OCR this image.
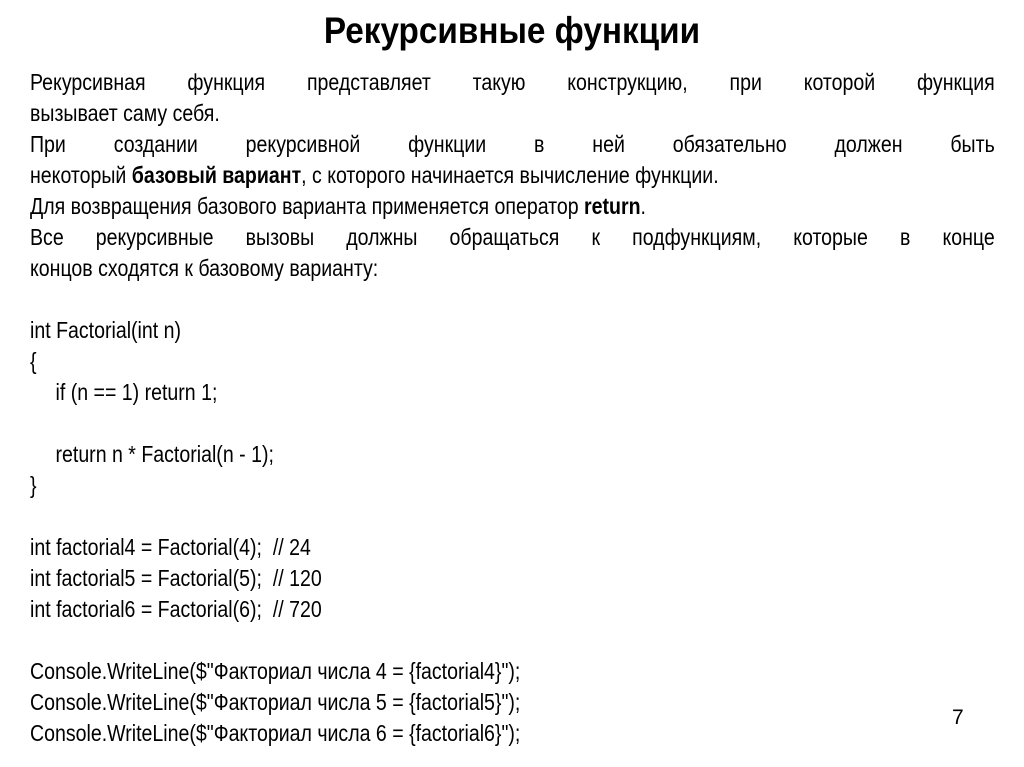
Рекурсивные функции
Рекурсивная функция представляет такую конструкцию, при которой функция
вызывает саму себя.
При создании рекурсивной функции в ней обязательно должен быть
некоторый базовый вариант, с которого начинается вычисление функции.
Для возвращения базового варианта применяется оператор return.
Все рекурсивные вызовы должны обращаться к подфункциям, которые в конце
концов сходятся к базовому варианту:
int Factorial(int n)
{
if (n == 1) return 1;
return n * Factorial(n - 1);
}
int factorial4 = Factorial(4);  // 24
int factorial5 = Factorial(5);  // 120
int factorial6 = Factorial(6);  // 720
Console.WriteLine($"Факториал числа 4 = {factorial4}");
Console.WriteLine($"Факториал числа 5 = {factorial5}");
Console.WriteLine($"Факториал числа 6 = {factorial6}");
7
